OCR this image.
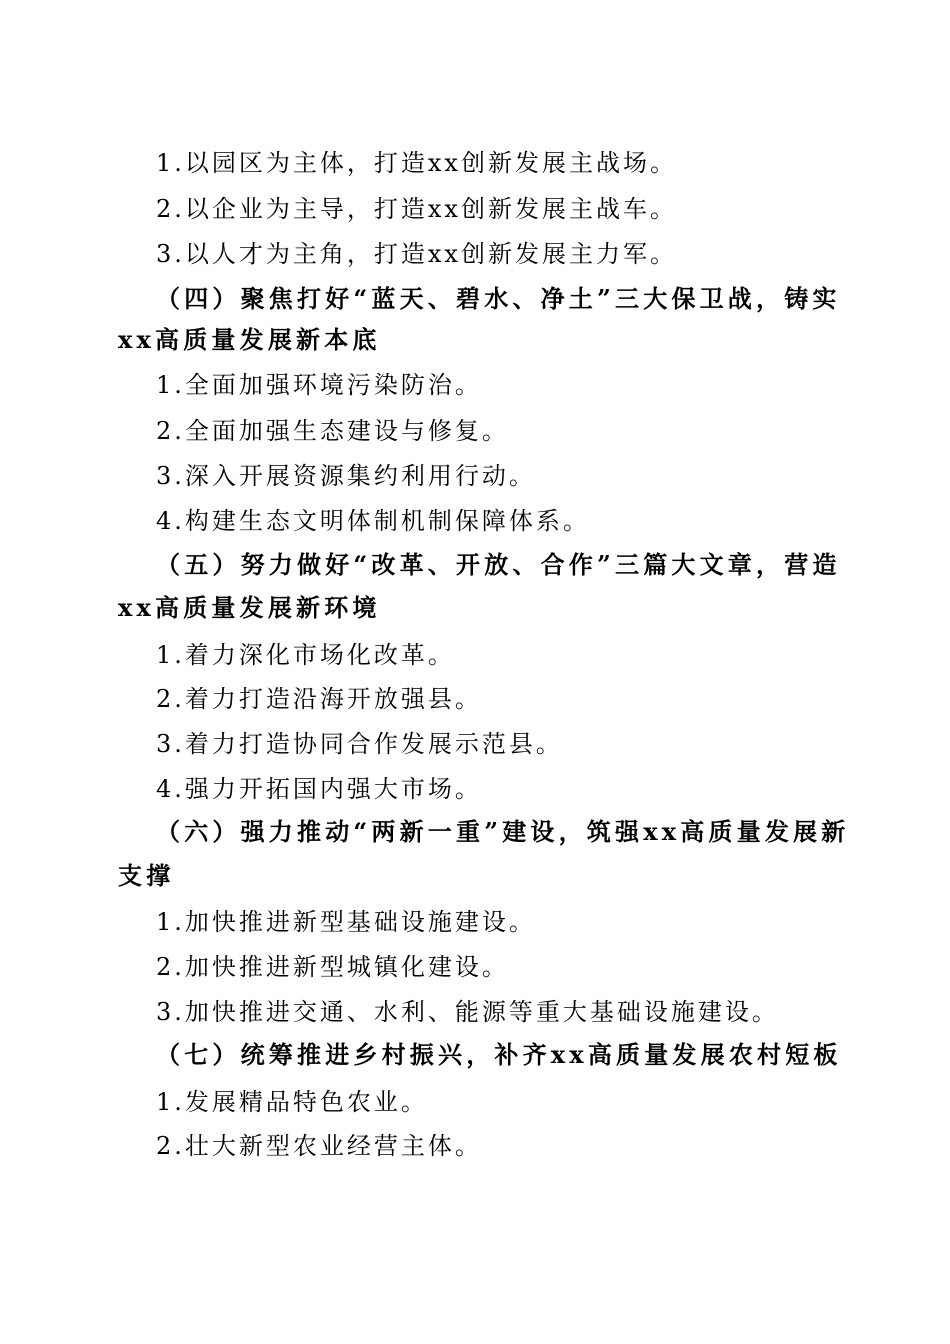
1.以园区为主体，打造xx创新发展主战场。
2.以企业为主导，打造xx创新发展主战车。
3.以人才为主角，打造xx创新发展主力军。
（四）聚焦打好“蓝天、碧水、净土”三大保卫战，铸实
xx高质量发展新本底
1.全面加强环境污染防治。
2.全面加强生态建设与修复。
3.深入开展资源集约利用行动。
4.构建生态文明体制机制保障体系。
（五）努力做好“改革、开放、合作”三篇大文章，营造
xx高质量发展新环境
1.着力深化市场化改革。
2.着力打造沿海开放强县。
3.着力打造协同合作发展示范县。
4.强力开拓国内强大市场。
（六）强力推动“两新一重”建设，筑强xx高质量发展新
支撑
1.加快推进新型基础设施建设。
2.加快推进新型城镇化建设。
3.加快推进交通、水利、能源等重大基础设施建设。
（七）统筹推进乡村振兴，补齐xx高质量发展农村短板
1.发展精品特色农业。
2.壮大新型农业经营主体。
